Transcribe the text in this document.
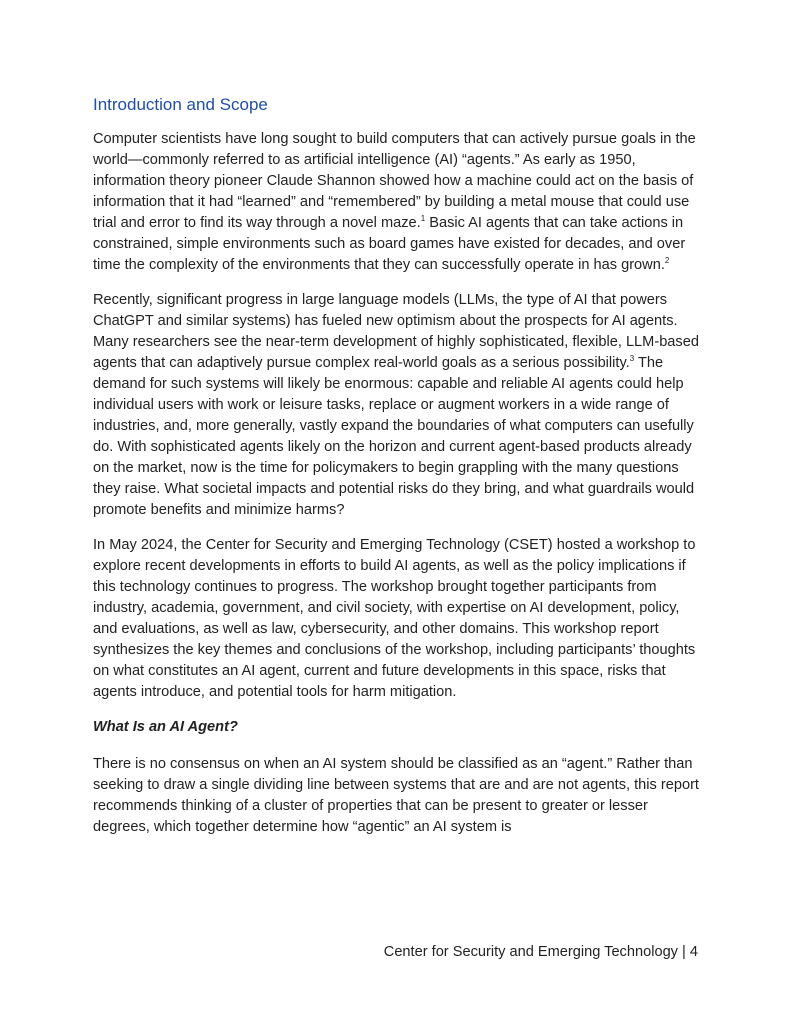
Introduction and Scope

Computer scientists have long sought to build computers that can actively pursue goals in the world—commonly referred to as artificial intelligence (AI) “agents.” As early as 1950, information theory pioneer Claude Shannon showed how a machine could act on the basis of information that it had “learned” and “remembered” by building a metal mouse that could use trial and error to find its way through a novel maze.$^1$ Basic AI agents that can take actions in constrained, simple environments such as board games have existed for decades, and over time the complexity of the environments that they can successfully operate in has grown.$^2$

Recently, significant progress in large language models (LLMs, the type of AI that powers ChatGPT and similar systems) has fueled new optimism about the prospects for AI agents. Many researchers see the near-term development of highly sophisticated, flexible, LLM-based agents that can adaptively pursue complex real-world goals as a serious possibility.$^3$ The demand for such systems will likely be enormous: capable and reliable AI agents could help individual users with work or leisure tasks, replace or augment workers in a wide range of industries, and, more generally, vastly expand the boundaries of what computers can usefully do. With sophisticated agents likely on the horizon and current agent-based products already on the market, now is the time for policymakers to begin grappling with the many questions they raise. What societal impacts and potential risks do they bring, and what guardrails would promote benefits and minimize harms?

In May 2024, the Center for Security and Emerging Technology (CSET) hosted a workshop to explore recent developments in efforts to build AI agents, as well as the policy implications if this technology continues to progress. The workshop brought together participants from industry, academia, government, and civil society, with expertise on AI development, policy, and evaluations, as well as law, cybersecurity, and other domains. This workshop report synthesizes the key themes and conclusions of the workshop, including participants’ thoughts on what constitutes an AI agent, current and future developments in this space, risks that agents introduce, and potential tools for harm mitigation.

What Is an AI Agent?

There is no consensus on when an AI system should be classified as an “agent.” Rather than seeking to draw a single dividing line between systems that are and are not agents, this report recommends thinking of a cluster of properties that can be present to greater or lesser degrees, which together determine how “agentic” an AI system is

Center for Security and Emerging Technology | 4
